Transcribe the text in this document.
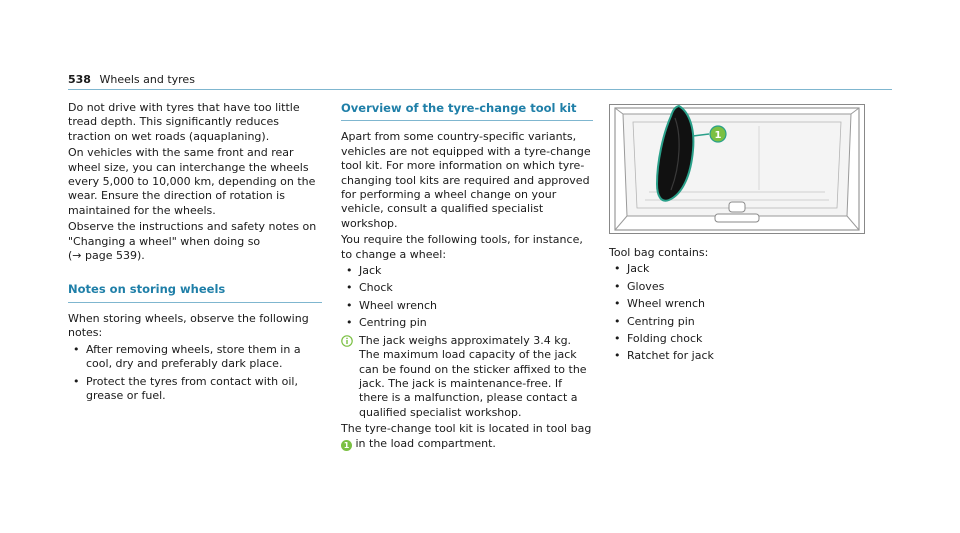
538 Wheels and tyres

Do not drive with tyres that have too little tread depth. This significantly reduces traction on wet roads (aquaplaning).

On vehicles with the same front and rear wheel size, you can interchange the wheels every 5,000 to 10,000 km, depending on the wear. Ensure the direction of rotation is maintained for the wheels.

Observe the instructions and safety notes on "Changing a wheel" when doing so
(→ page 539).

Notes on storing wheels

When storing wheels, observe the following notes:

• After removing wheels, store them in a cool, dry and preferably dark place.
• Protect the tyres from contact with oil, grease or fuel.
Overview of the tyre-change tool kit

Apart from some country-specific variants, vehicles are not equipped with a tyre-change tool kit. For more information on which tyre-changing tool kits are required and approved for performing a wheel change on your vehicle, consult a qualified specialist workshop.

You require the following tools, for instance, to change a wheel:

• Jack
• Chock
• Wheel wrench
• Centring pin
The jack weighs approximately 3.4 kg. The maximum load capacity of the jack can be found on the sticker affixed to the jack. The jack is maintenance-free. If there is a malfunction, please contact a qualified specialist workshop.

The tyre-change tool kit is located in tool bag 1 in the load compartment.

1

Tool bag contains:

• Jack
• Gloves
• Wheel wrench
• Centring pin
• Folding chock
• Ratchet for jack
